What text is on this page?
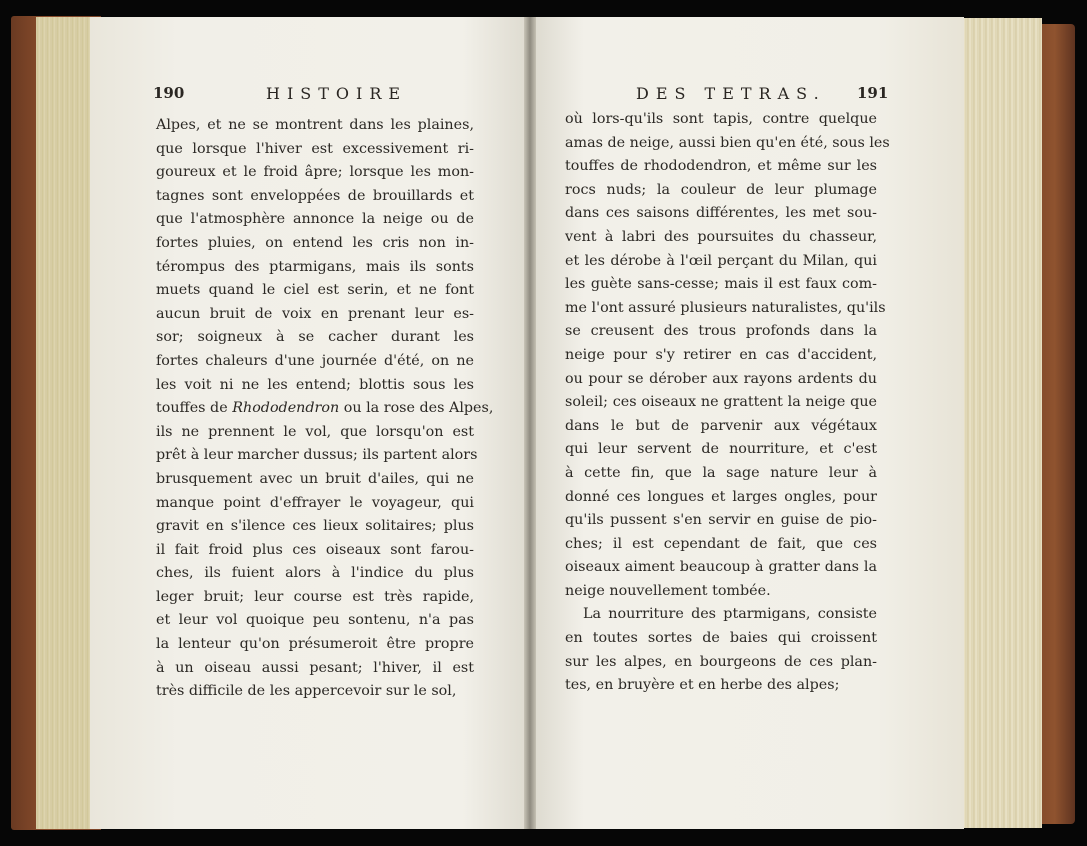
190	HISTOIRE	DES TETRAS. 191
Alpes, et ne se montrent dans les plaines,
que lorsque l'hiver est excessivement ri-
goureux et le froid âpre; lorsque les mon-
tagnes sont enveloppées de brouillards et
que l'atmosphère annonce la neige ou de
fortes pluies, on entend les cris non in-
térompus des ptarmigans, mais ils sonts
muets quand le ciel est serin, et ne font
aucun bruit de voix en prenant leur es-
sor; soigneux à se cacher durant les
fortes chaleurs d'une journée d'été, on ne
les voit ni ne les entend; blottis sous les
touffes de Rhododendron ou la rose des Alpes,
ils ne prennent le vol, que lorsqu'on est
prêt à leur marcher dussus; ils partent alors
brusquement avec un bruit d'ailes, qui ne
manque point d'effrayer le voyageur, qui
gravit en s'ilence ces lieux solitaires; plus
il fait froid plus ces oiseaux sont farou-
ches, ils fuient alors à l'indice du plus
leger bruit; leur course est très rapide,
et leur vol quoique peu sontenu, n'a pas
la lenteur qu'on présumeroit être propre
à un oiseau aussi pesant; l'hiver, il est
très difficile de les appercevoir sur le sol,
où lors-qu'ils sont tapis, contre quelque
amas de neige, aussi bien qu'en été, sous les
touffes de rhododendron, et même sur les
rocs nuds; la couleur de leur plumage
dans ces saisons différentes, les met sou-
vent à labri des poursuites du chasseur,
et les dérobe à l'œil perçant du Milan, qui
les guète sans-cesse; mais il est faux com-
me l'ont assuré plusieurs naturalistes, qu'ils
se creusent des trous profonds dans la
neige pour s'y retirer en cas d'accident,
ou pour se dérober aux rayons ardents du
soleil; ces oiseaux ne grattent la neige que
dans le but de parvenir aux végétaux
qui leur servent de nourriture, et c'est
à cette fin, que la sage nature leur à
donné ces longues et larges ongles, pour
qu'ils pussent s'en servir en guise de pio-
ches; il est cependant de fait, que ces
oiseaux aiment beaucoup à gratter dans la
neige nouvellement tombée.
La nourriture des ptarmigans, consiste
en toutes sortes de baies qui croissent
sur les alpes, en bourgeons de ces plan-
tes, en bruyère et en herbe des alpes;
